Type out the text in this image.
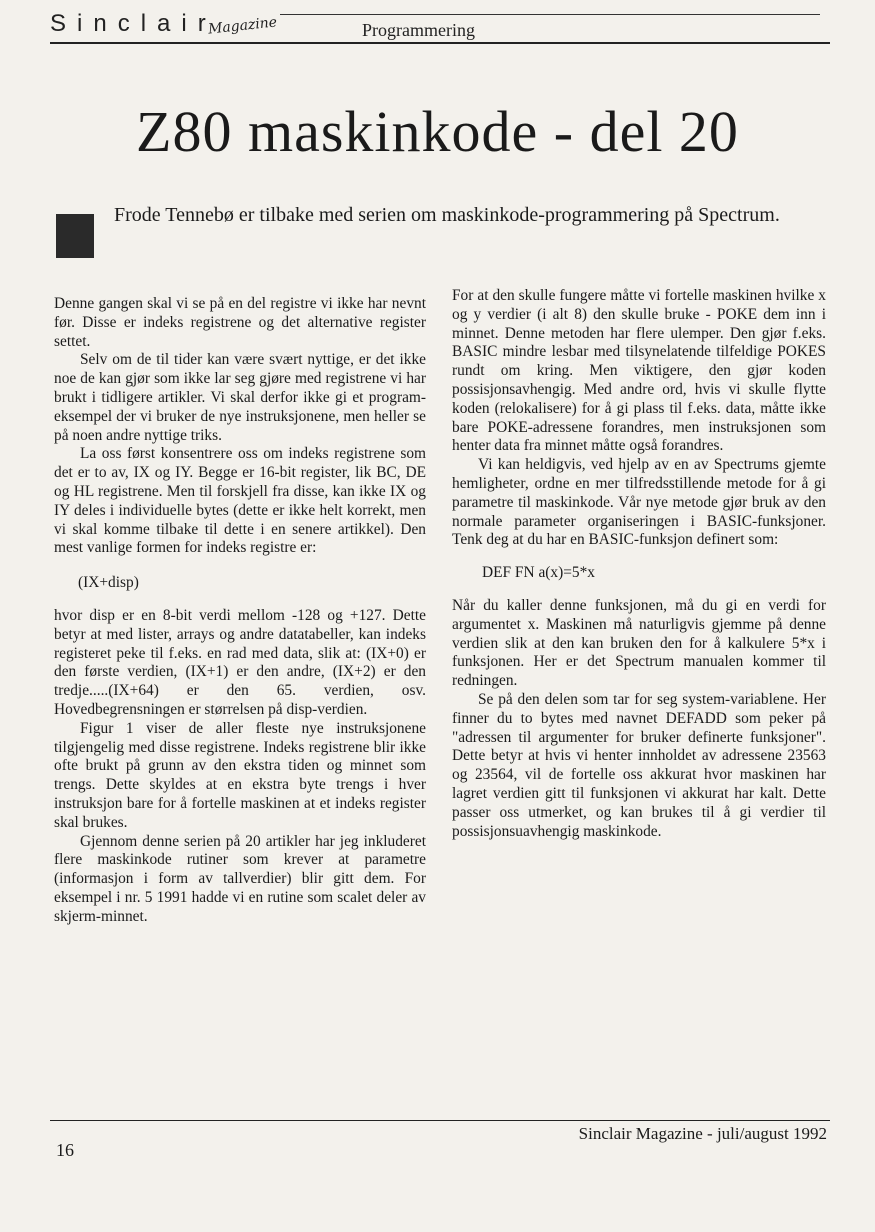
Sinclair
Magazine	Programmering
Z80 maskinkode - del 20

Frode Tennebø er tilbake med serien om maskinkode-programmering på Spectrum.

Denne gangen skal vi se på en del registre vi ikke har nevnt før. Disse er indeks registrene og det alternative register settet.

Selv om de til tider kan være svært nyttige, er det ikke noe de kan gjør som ikke lar seg gjøre med registrene vi har brukt i tidligere artikler. Vi skal derfor ikke gi et program-eksempel der vi bruker de nye instruksjonene, men heller se på noen andre nyttige triks.

La oss først konsentrere oss om indeks registrene som det er to av, IX og IY. Begge er 16-bit register, lik BC, DE og HL registrene. Men til forskjell fra disse, kan ikke IX og IY deles i individuelle bytes (dette er ikke helt korrekt, men vi skal komme tilbake til dette i en senere artikkel). Den mest vanlige formen for indeks registre er:

(IX+disp)

hvor disp er en 8-bit verdi mellom -128 og +127. Dette betyr at med lister, arrays og andre datatabeller, kan indeks registeret peke til f.eks. en rad med data, slik at: (IX+0) er den første verdien, (IX+1) er den andre, (IX+2) er den tredje.....(IX+64) er den 65. verdien, osv. Hovedbegrensningen er størrelsen på disp-verdien.

Figur 1 viser de aller fleste nye instruksjonene tilgjengelig med disse registrene. Indeks registrene blir ikke ofte brukt på grunn av den ekstra tiden og minnet som trengs. Dette skyldes at en ekstra byte trengs i hver instruksjon bare for å fortelle maskinen at et indeks register skal brukes.

Gjennom denne serien på 20 artikler har jeg inkluderet flere maskinkode rutiner som krever at parametre (informasjon i form av tallverdier) blir gitt dem. For eksempel i nr. 5 1991 hadde vi en rutine som scalet deler av skjerm-minnet.

For at den skulle fungere måtte vi fortelle maskinen hvilke x og y verdier (i alt 8) den skulle bruke - POKE dem inn i minnet. Denne metoden har flere ulemper. Den gjør f.eks. BASIC mindre lesbar med tilsynelatende tilfeldige POKES rundt om kring. Men viktigere, den gjør koden possisjonsavhengig. Med andre ord, hvis vi skulle flytte koden (relokalisere) for å gi plass til f.eks. data, måtte ikke bare POKE-adressene forandres, men instruksjonen som henter data fra minnet måtte også forandres.

Vi kan heldigvis, ved hjelp av en av Spectrums gjemte hemligheter, ordne en mer tilfredsstillende metode for å gi parametre til maskinkode. Vår nye metode gjør bruk av den normale parameter organiseringen i BASIC-funksjoner. Tenk deg at du har en BASIC-funksjon definert som:

DEF FN a(x)=5*x

Når du kaller denne funksjonen, må du gi en verdi for argumentet x. Maskinen må naturligvis gjemme på denne verdien slik at den kan bruken den for å kalkulere 5*x i funksjonen. Her er det Spectrum manualen kommer til redningen.

Se på den delen som tar for seg system-variablene. Her finner du to bytes med navnet DEFADD som peker på "adressen til argumenter for bruker definerte funksjoner". Dette betyr at hvis vi henter innholdet av adressene 23563 og 23564, vil de fortelle oss akkurat hvor maskinen har lagret verdien gitt til funksjonen vi akkurat har kalt. Dette passer oss utmerket, og kan brukes til å gi verdier til possisjonsuavhengig maskinkode.

Sinclair Magazine - juli/august 1992
16
